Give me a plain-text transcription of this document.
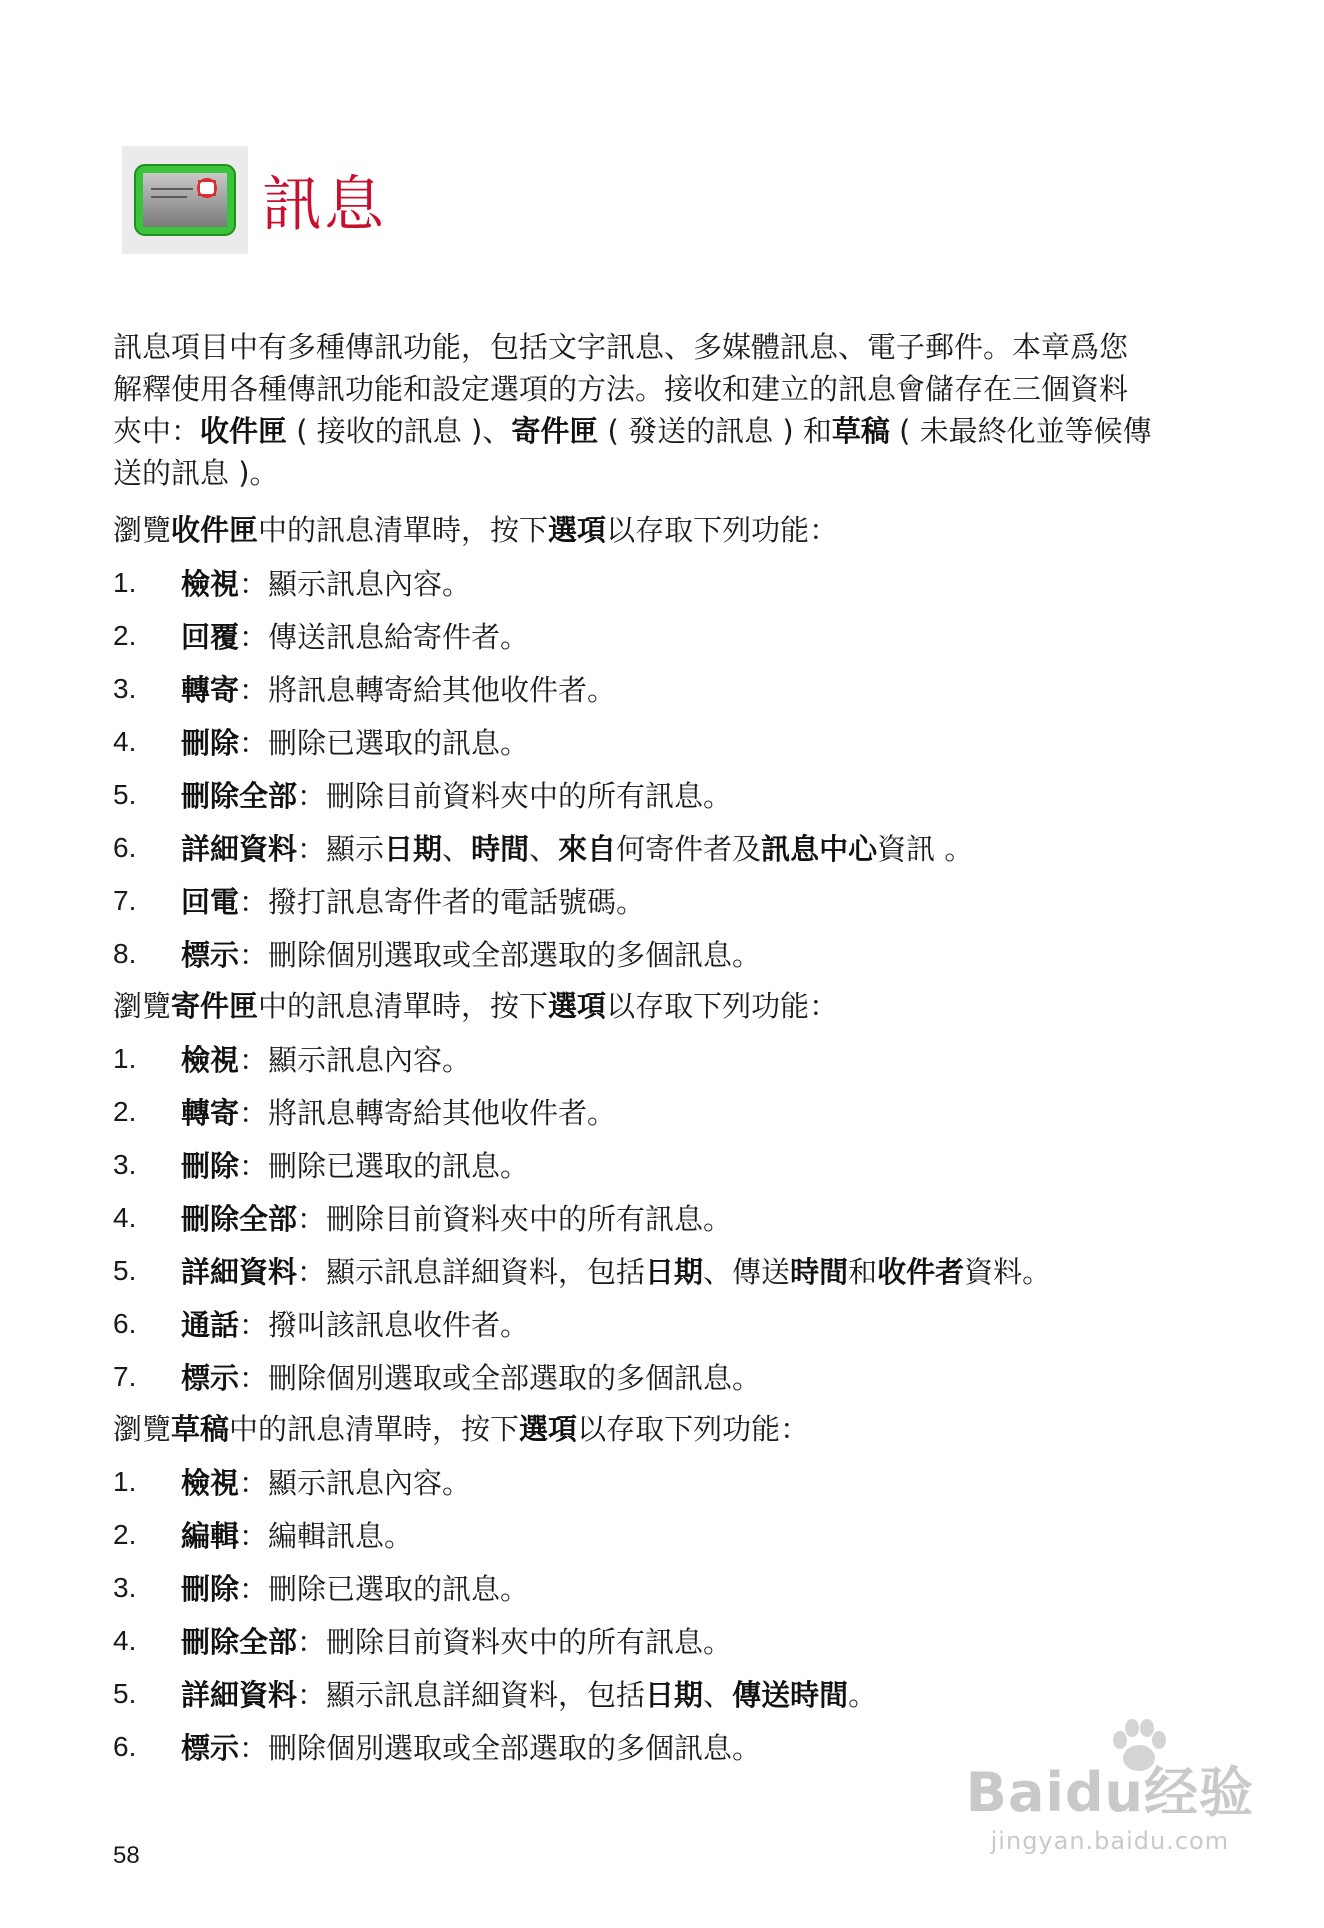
訊息

訊息項目中有多種傳訊功能，包括文字訊息、多媒體訊息、電子郵件。本章爲您解釋使用各種傳訊功能和設定選項的方法。接收和建立的訊息會儲存在三個資料夾中：收件匣 ( 接收的訊息 )、寄件匣 ( 發送的訊息 ) 和草稿 ( 未最終化並等候傳送的訊息 )。

瀏覽收件匣中的訊息清單時，按下選項以存取下列功能：

1.	檢視：顯示訊息內容。
2.	回覆：傳送訊息給寄件者。
3.	轉寄：將訊息轉寄給其他收件者。
4.	刪除：刪除已選取的訊息。
5.	刪除全部：刪除目前資料夾中的所有訊息。
6.	詳細資料：顯示日期、時間、來自何寄件者及訊息中心資訊 。
7.	回電：撥打訊息寄件者的電話號碼。
8.	標示：刪除個別選取或全部選取的多個訊息。

瀏覽寄件匣中的訊息清單時，按下選項以存取下列功能：

1.	檢視：顯示訊息內容。
2.	轉寄：將訊息轉寄給其他收件者。
3.	刪除：刪除已選取的訊息。
4.	刪除全部：刪除目前資料夾中的所有訊息。
5.	詳細資料：顯示訊息詳細資料，包括日期、傳送時間和收件者資料。
6.	通話：撥叫該訊息收件者。
7.	標示：刪除個別選取或全部選取的多個訊息。

瀏覽草稿中的訊息清單時，按下選項以存取下列功能：

1.	檢視：顯示訊息內容。
2.	編輯：編輯訊息。
3.	刪除：刪除已選取的訊息。
4.	刪除全部：刪除目前資料夾中的所有訊息。
5.	詳細資料：顯示訊息詳細資料，包括日期、傳送時間。
6.	標示：刪除個別選取或全部選取的多個訊息。
58
Baidu经验
jingyan.baidu.com
